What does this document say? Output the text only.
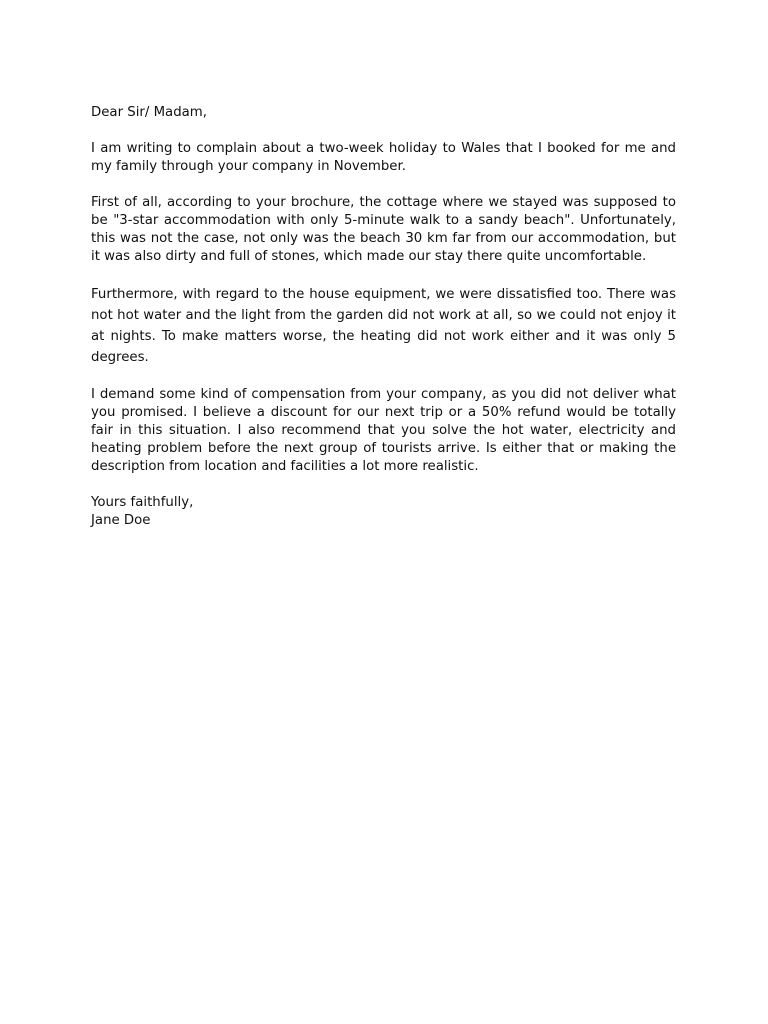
Dear Sir/ Madam,

I am writing to complain about a two-week holiday to Wales that I booked for me and my family through your company in November.

First of all, according to your brochure, the cottage where we stayed was supposed to be "3-star accommodation with only 5-minute walk to a sandy beach". Unfortunately, this was not the case, not only was the beach 30 km far from our accommodation, but it was also dirty and full of stones, which made our stay there quite uncomfortable.

Furthermore, with regard to the house equipment, we were dissatisfied too. There was not hot water and the light from the garden did not work at all, so we could not enjoy it at nights. To make matters worse, the heating did not work either and it was only 5 degrees.

I demand some kind of compensation from your company, as you did not deliver what you promised. I believe a discount for our next trip or a 50% refund would be totally fair in this situation. I also recommend that you solve the hot water, electricity and heating problem before the next group of tourists arrive. Is either that or making the description from location and facilities a lot more realistic.

Yours faithfully,

Jane Doe
